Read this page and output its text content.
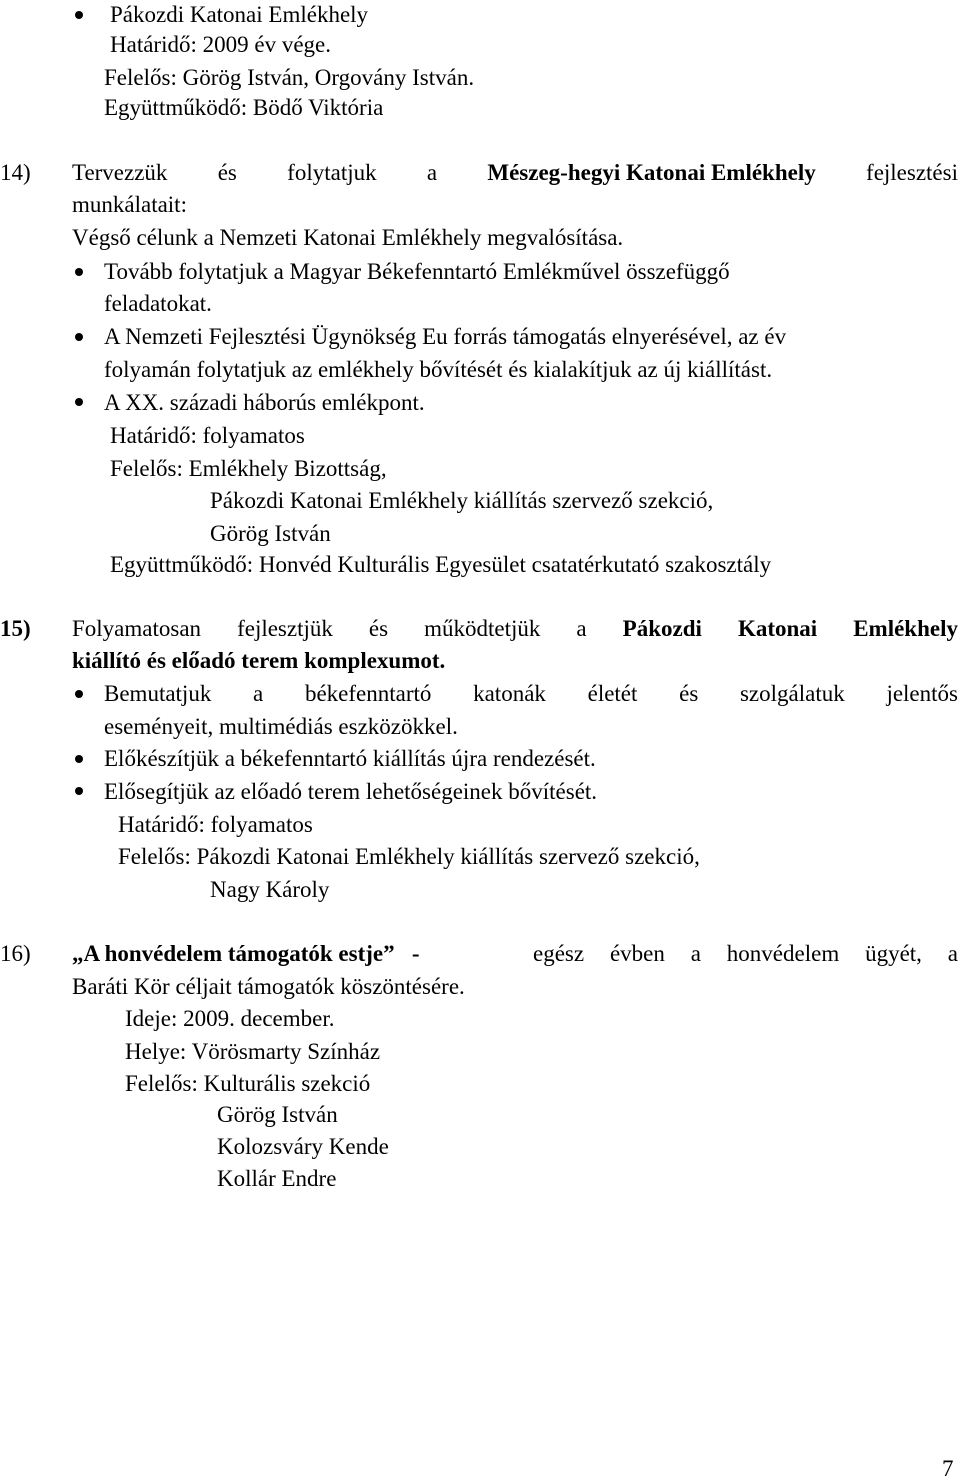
Pákozdi Katonai Emlékhely
Határidő: 2009 év vége.
Felelős: Görög István, Orgovány István.
Együttműködő: Bödő Viktória
14) Tervezzük és folytatjuk a Mészeg-hegyi Katonai Emlékhely fejlesztési
munkálatait:
Végső célunk a Nemzeti Katonai Emlékhely megvalósítása.
Tovább folytatjuk a Magyar Békefenntartó Emlékművel összefüggő
feladatokat.
A Nemzeti Fejlesztési Ügynökség Eu forrás támogatás elnyerésével, az év
folyamán folytatjuk az emlékhely bővítését és kialakítjuk az új kiállítást.
A XX. századi háborús emlékpont.
Határidő: folyamatos
Felelős: Emlékhely Bizottság,
Pákozdi Katonai Emlékhely kiállítás szervező szekció,
Görög István
Együttműködő: Honvéd Kulturális Egyesület csatatérkutató szakosztály
15) Folyamatosan fejlesztjük és működtetjük a Pákozdi Katonai Emlékhely
kiállító és előadó terem komplexumot.
Bemutatjuk a békefenntartó katonák életét és szolgálatuk jelentős
eseményeit, multimédiás eszközökkel.
Előkészítjük a békefenntartó kiállítás újra rendezését.
Elősegítjük az előadó terem lehetőségeinek bővítését.
Határidő: folyamatos
Felelős: Pákozdi Katonai Emlékhely kiállítás szervező szekció,
Nagy Károly
16) „A honvédelem támogatók estje” -	egész évben a honvédelem ügyét, a
Baráti Kör céljait támogatók köszöntésére.
Ideje: 2009. december.
Helye: Vörösmarty Színház
Felelős: Kulturális szekció
Görög István
Kolozsváry Kende
Kollár Endre
7
